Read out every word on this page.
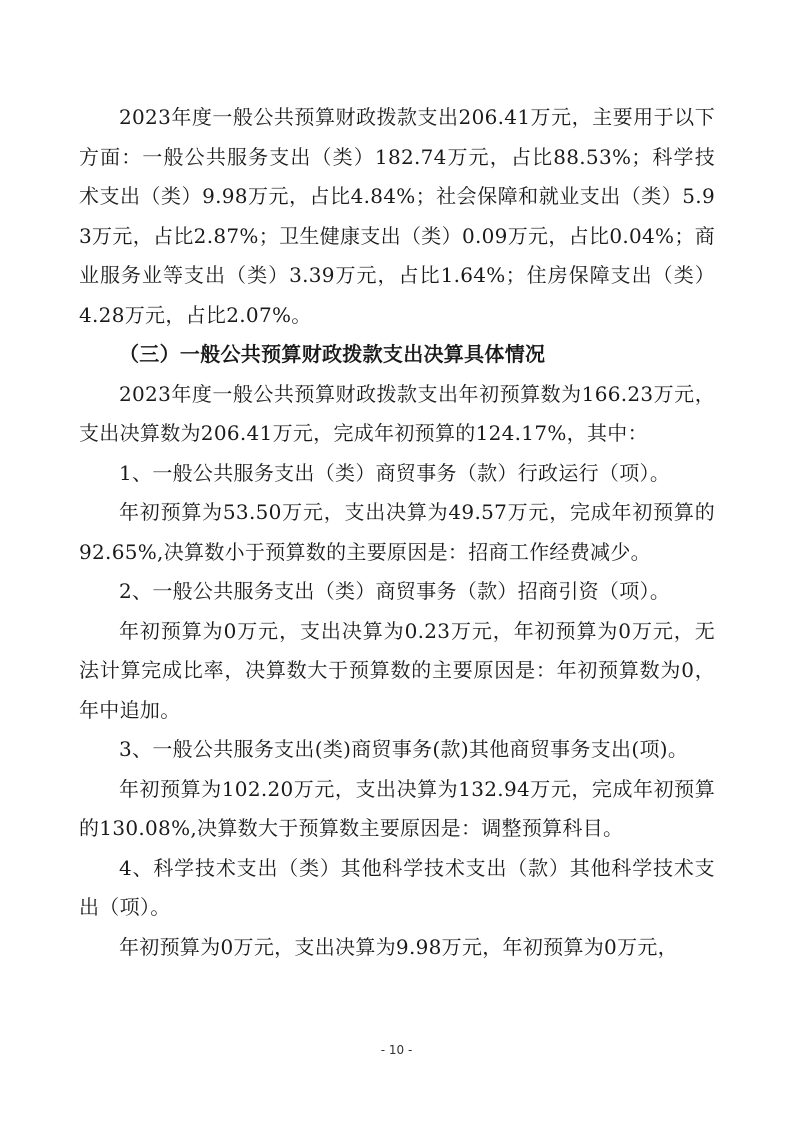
2023年度一般公共预算财政拨款支出206.41万元，主要用于以下方面：一般公共服务支出（类）182.74万元，占比88.53%；科学技术支出（类）9.98万元，占比4.84%；社会保障和就业支出（类）5.93万元，占比2.87%；卫生健康支出（类）0.09万元，占比0.04%；商业服务业等支出（类）3.39万元，占比1.64%；住房保障支出（类）4.28万元，占比2.07%。

（三）一般公共预算财政拨款支出决算具体情况

2023年度一般公共预算财政拨款支出年初预算数为166.23万元，支出决算数为206.41万元，完成年初预算的124.17%，其中：

1、一般公共服务支出（类）商贸事务（款）行政运行（项）。

年初预算为53.50万元，支出决算为49.57万元，完成年初预算的92.65%,决算数小于预算数的主要原因是：招商工作经费减少。

2、一般公共服务支出（类）商贸事务（款）招商引资（项）。

年初预算为0万元，支出决算为0.23万元，年初预算为0万元，无法计算完成比率，决算数大于预算数的主要原因是：年初预算数为0，年中追加。

3、一般公共服务支出(类)商贸事务(款)其他商贸事务支出(项)。

年初预算为102.20万元，支出决算为132.94万元，完成年初预算的130.08%,决算数大于预算数主要原因是：调整预算科目。

4、科学技术支出（类）其他科学技术支出（款）其他科学技术支出（项）。

年初预算为0万元，支出决算为9.98万元，年初预算为0万元，

- 10 -
